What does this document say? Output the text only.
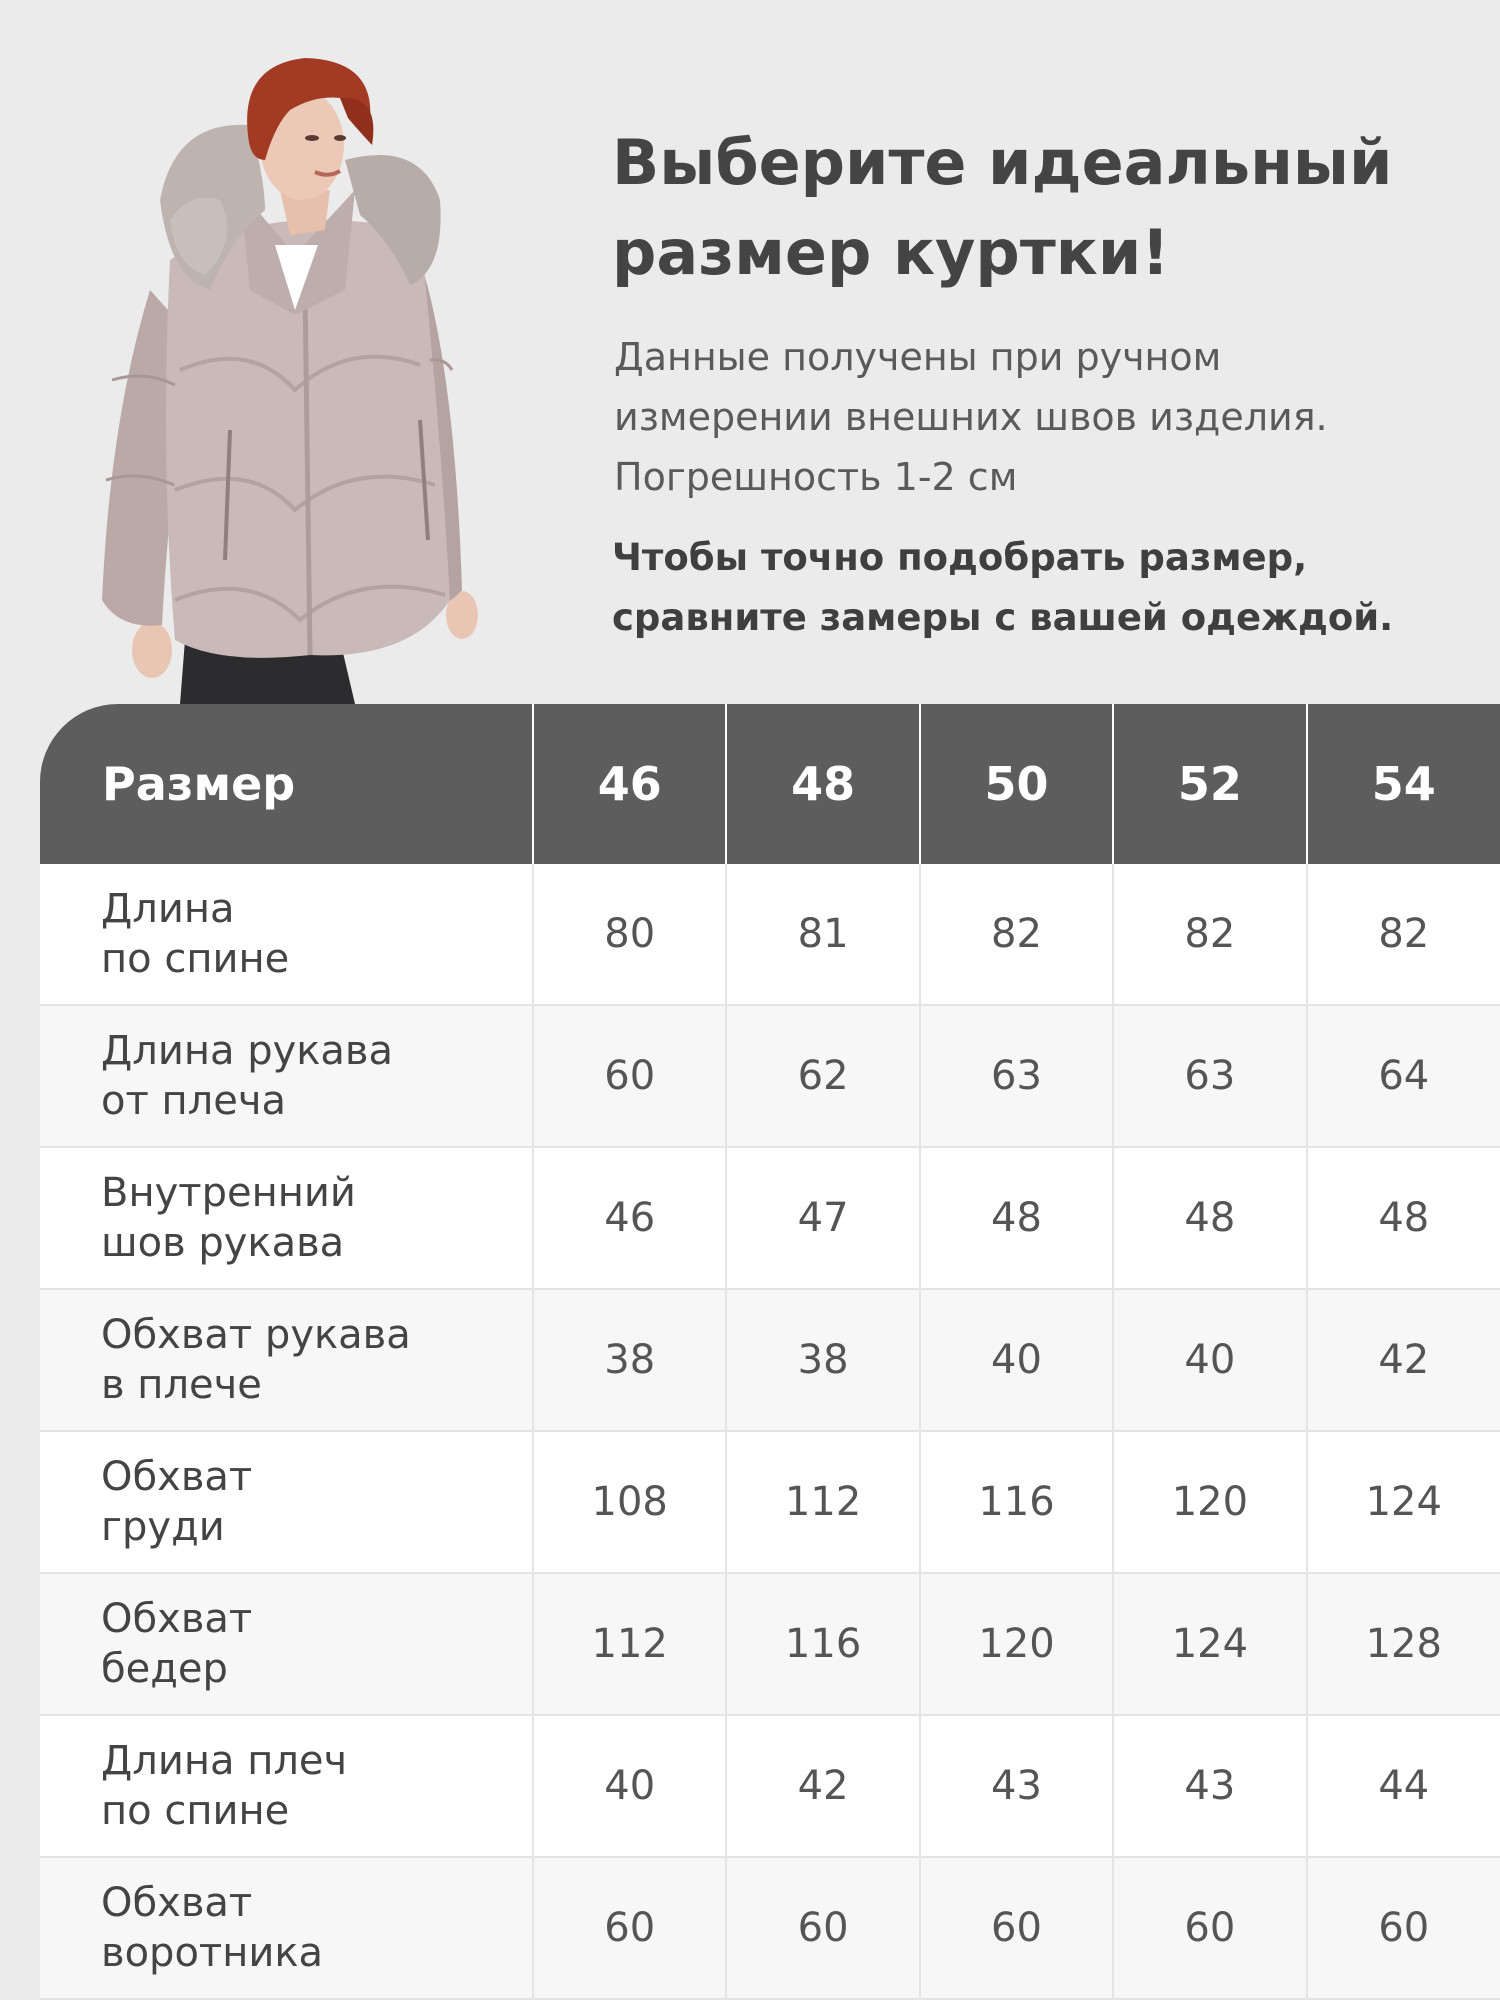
Выберите идеальный
размер куртки!

Данные получены при ручном
измерении внешних швов изделия.
Погрешность 1-2 см

Чтобы точно подобрать размер,
сравните замеры с вашей одеждой.

Размер	46	48	50	52	54
Длина
по спине	80	81	82	82	82
Длина рукава
от плеча	60	62	63	63	64
Внутренний
шов рукава	46	47	48	48	48
Обхват рукава
в плече	38	38	40	40	42
Обхват
груди	108	112	116	120	124
Обхват
бедер	112	116	120	124	128
Длина плеч
по спине	40	42	43	43	44
Обхват
воротника	60	60	60	60	60
